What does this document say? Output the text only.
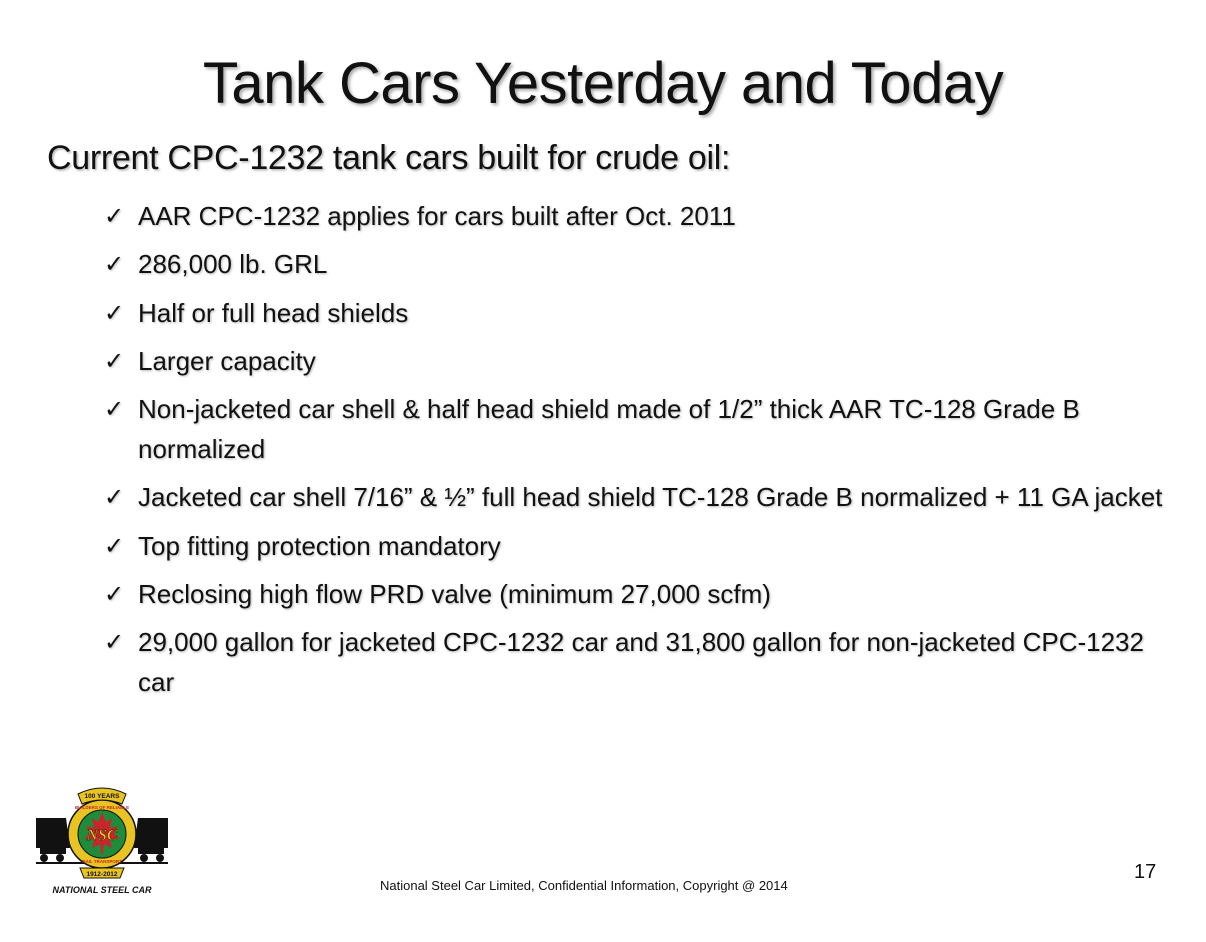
Tank Cars Yesterday and Today
Current CPC-1232 tank cars built for crude oil:
✓ AAR CPC-1232 applies for cars built after Oct. 2011
✓ 286,000 lb. GRL
✓ Half or full head shields
✓ Larger capacity
✓ Non-jacketed car shell & half head shield made of 1/2” thick AAR TC-128 Grade B normalized
✓ Jacketed car shell 7/16” & ½” full head shield TC-128 Grade B normalized + 11 GA jacket
✓ Top fitting protection mandatory
✓ Reclosing high flow PRD valve (minimum 27,000 scfm)
✓ 29,000 gallon for jacketed CPC-1232 car and 31,800 gallon for non-jacketed CPC-1232 car
100 YEARS
BUILDERS OF RELIABLE
RAIL TRANSPORT
NSC
1912-2012
NATIONAL STEEL CAR	National Steel Car Limited, Confidential Information, Copyright @ 2014
17
